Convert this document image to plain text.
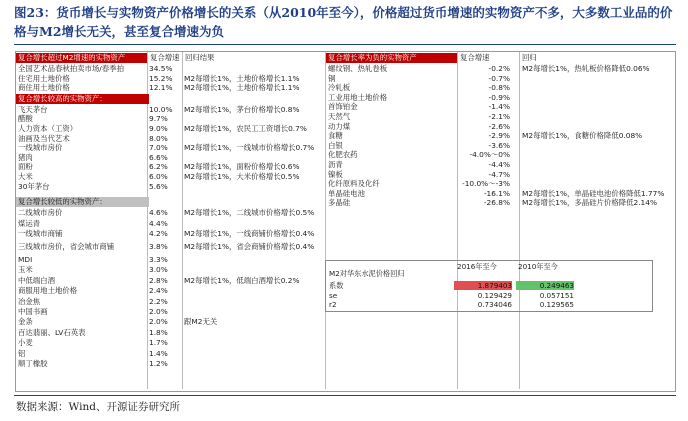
图23：货币增长与实物资产价格增长的关系（从2010年至今），价格超过货币增速的实物资产不多，大多数工业品的价格与M2增长无关，甚至复合增速为负
复合增长超过M2增速的实物资产	复合增速 回归结果
全国艺术品春秋拍卖市场/春季拍	34.5%
住宅用土地价格	15.2% M2每增长1%，土地价格增长1.1%
商住用土地价格	12.1% M2每增长1%，土地价格增长1.1%
复合增长较高的实物资产：
飞天茅台	10.0% M2每增长1%，茅台价格增长0.8%
醋酸	9.7%
人力资本（工资）	9.0%	M2每增长1%，农民工工资增长0.7%
油画及当代艺术	8.0%
一线城市房价	7.0%	M2每增长1%，一线城市价格增长0.7%
猪肉	6.6%
面粉	6.2%	M2每增长1%，面粉价格增长0.6%
大米	6.0%	M2每增长1%，大米价格增长0.5%
30年茅台	5.6%
复合增长较低的实物资产：
二线城市房价	4.6%	M2每增长1%，二线城市价格增长0.5%
煤运青	4.4%
一线城市商铺	4.2%	M2每增长1%，一线商铺价格增长0.4%
三线城市房价，省会城市商铺	3.8%	M2每增长1%，省会商铺价格增长0.4%
MDI	3.3%
玉米	3.0%
中低端白酒	2.8%	M2每增长1%，低端白酒增长0.2%
商服用地土地价格	2.4%
冶金焦	2.2%
中国书画	2.0%
金条	2.0%	跟M2无关
百达翡丽、LV石英表	1.8%
小麦	1.7%
铝	1.4%
顺丁橡胶	1.2%
复合增长率为负的实物资产	复合增速	回归
螺纹钢、热轧卷板	-0.2% M2每增长1%，热轧板价格降低0.06%
铜	-0.7%
冷轧板	-0.8%
工业用地土地价格	-0.9%
首饰铂金	-1.4%
天然气	-2.1%
动力煤	-2.6%
食糖	-2.9% M2每增长1%，食糖价格降低0.08%
白银	-3.6%
化肥农药	-4.0%～0%
沥青	-4.4%
镍板	-4.7%
化纤原料及化纤	-10.0%～-3%
单晶硅电池	-16.1% M2每增长1%，单晶硅电池价格降低1.77%
多晶硅	-26.8% M2每增长1%，多晶硅片价格降低2.14%
M2对华东水泥价格回归
2016年至今	2010年至今
系数	1.879403	0.249463
se	0.129429	0.057151
r2	0.734046	0.129565
数据来源：Wind、开源证券研究所
